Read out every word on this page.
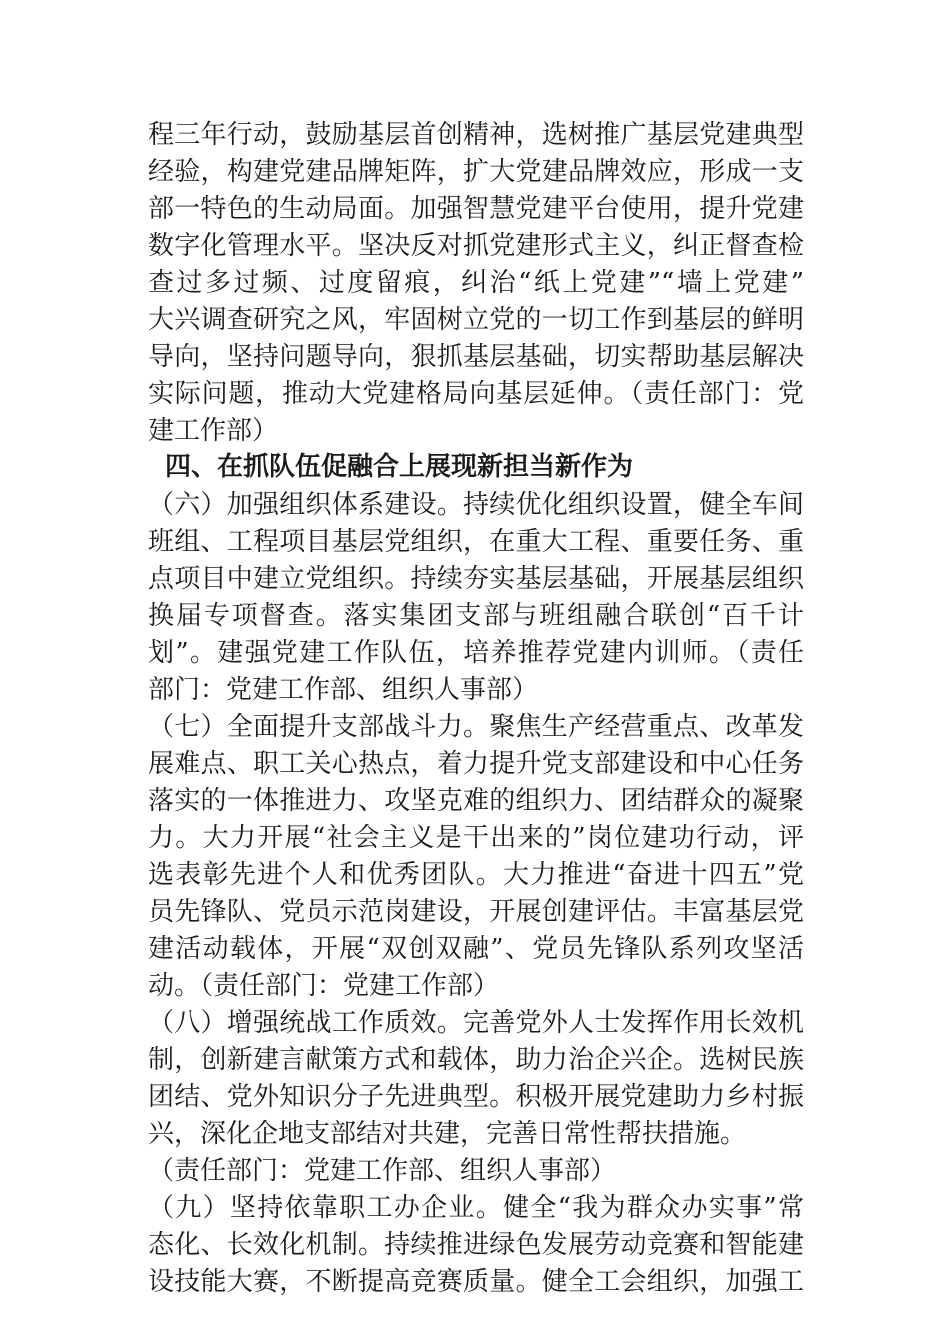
程三年行动，鼓励基层首创精神，选树推广基层党建典型
经验，构建党建品牌矩阵，扩大党建品牌效应，形成一支
部一特色的生动局面。加强智慧党建平台使用，提升党建
数字化管理水平。坚决反对抓党建形式主义，纠正督查检
查过多过频、过度留痕，纠治“纸上党建”“墙上党建”
大兴调查研究之风，牢固树立党的一切工作到基层的鲜明
导向，坚持问题导向，狠抓基层基础，切实帮助基层解决
实际问题，推动大党建格局向基层延伸。（责任部门：党
建工作部）
四、在抓队伍促融合上展现新担当新作为
（六）加强组织体系建设。持续优化组织设置，健全车间
班组、工程项目基层党组织，在重大工程、重要任务、重
点项目中建立党组织。持续夯实基层基础，开展基层组织
换届专项督查。落实集团支部与班组融合联创“百千计
划”。建强党建工作队伍，培养推荐党建内训师。（责任
部门：党建工作部、组织人事部）
（七）全面提升支部战斗力。聚焦生产经营重点、改革发
展难点、职工关心热点，着力提升党支部建设和中心任务
落实的一体推进力、攻坚克难的组织力、团结群众的凝聚
力。大力开展“社会主义是干出来的”岗位建功行动，评
选表彰先进个人和优秀团队。大力推进“奋进十四五”党
员先锋队、党员示范岗建设，开展创建评估。丰富基层党
建活动载体，开展“双创双融”、党员先锋队系列攻坚活
动。（责任部门：党建工作部）
（八）增强统战工作质效。完善党外人士发挥作用长效机
制，创新建言献策方式和载体，助力治企兴企。选树民族
团结、党外知识分子先进典型。积极开展党建助力乡村振
兴，深化企地支部结对共建，完善日常性帮扶措施。
（责任部门：党建工作部、组织人事部）
（九）坚持依靠职工办企业。健全“我为群众办实事”常
态化、长效化机制。持续推进绿色发展劳动竞赛和智能建
设技能大赛，不断提高竞赛质量。健全工会组织，加强工
